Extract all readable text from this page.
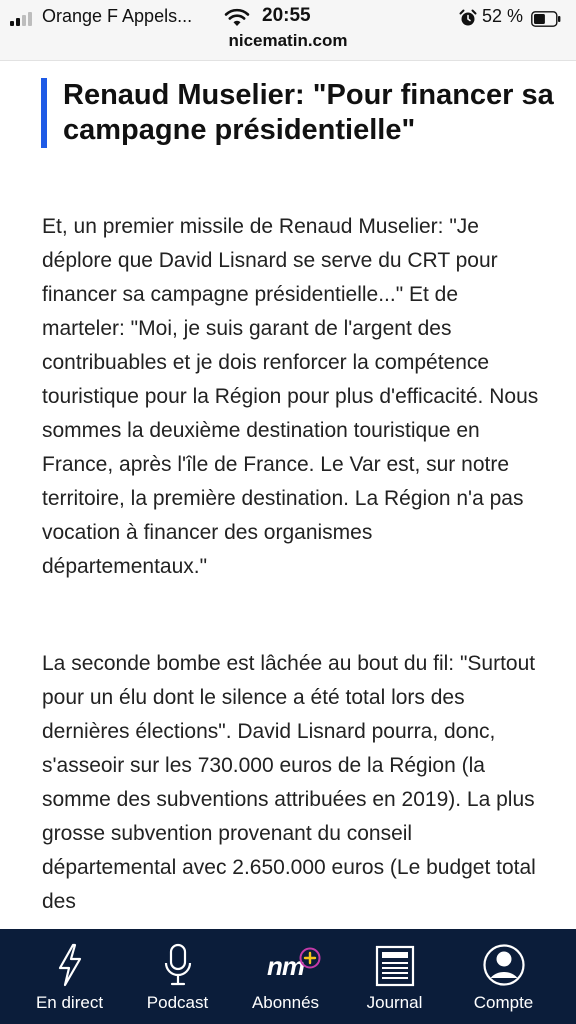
Orange F Appels...	20:55	52 %
nicematin.com
Renaud Muselier: "Pour financer sa campagne présidentielle"

Et, un premier missile de Renaud Muselier: "Je déplore que David Lisnard se serve du CRT pour financer sa campagne présidentielle..." Et de marteler: "Moi, je suis garant de l'argent des contribuables et je dois renforcer la compétence touristique pour la Région pour plus d'efficacité. Nous sommes la deuxième destination touristique en France, après l'île de France. Le Var est, sur notre territoire, la première destination. La Région n'a pas vocation à financer des organismes départementaux."

La seconde bombe est lâchée au bout du fil: "Surtout pour un élu dont le silence a été total lors des dernières élections". David Lisnard pourra, donc, s'asseoir sur les 730.000 euros de la Région (la somme des subventions attribuées en 2019). La plus grosse subvention provenant du conseil départemental avec 2.650.000 euros (Le budget total des

En direct	Podcast
nm
Abonnés	Journal	Compte
